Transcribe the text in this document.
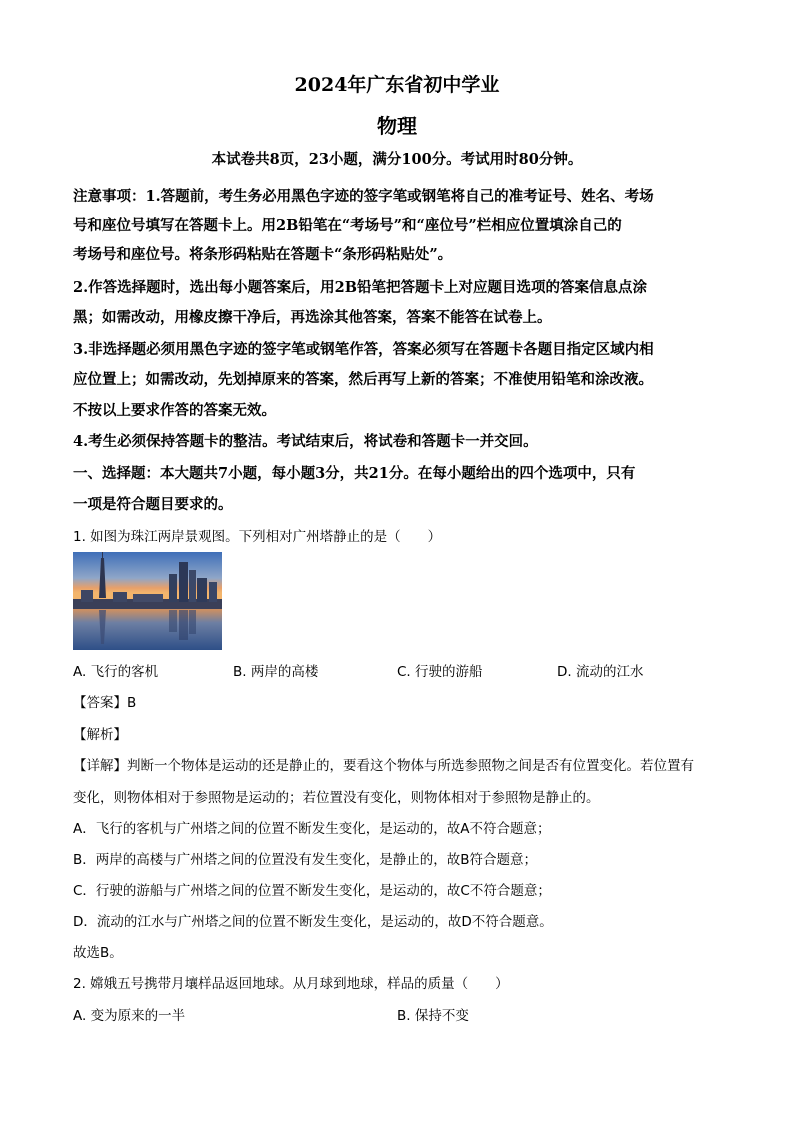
2024年广东省初中学业
物理
本试卷共8页，23小题，满分100分。考试用时80分钟。
注意事项：1.答题前，考生务必用黑色字迹的签字笔或钢笔将自己的准考证号、姓名、考场
号和座位号填写在答题卡上。用2B铅笔在“考场号”和“座位号”栏相应位置填涂自己的
考场号和座位号。将条形码粘贴在答题卡“条形码粘贴处”。
2.作答选择题时，选出每小题答案后，用2B铅笔把答题卡上对应题目选项的答案信息点涂
黑；如需改动，用橡皮擦干净后，再选涂其他答案，答案不能答在试卷上。
3.非选择题必须用黑色字迹的签字笔或钢笔作答，答案必须写在答题卡各题目指定区域内相
应位置上；如需改动，先划掉原来的答案，然后再写上新的答案；不准使用铅笔和涂改液。
不按以上要求作答的答案无效。
4.考生必须保持答题卡的整洁。考试结束后，将试卷和答题卡一并交回。
一、选择题：本大题共7小题，每小题3分，共21分。在每小题给出的四个选项中，只有
一项是符合题目要求的。
1. 如图为珠江两岸景观图。下列相对广州塔静止的是（　　）
A. 飞行的客机	B. 两岸的高楼	C. 行驶的游船	D. 流动的江水
【答案】B
【解析】
【详解】判断一个物体是运动的还是静止的，要看这个物体与所选参照物之间是否有位置变化。若位置有
变化，则物体相对于参照物是运动的；若位置没有变化，则物体相对于参照物是静止的。
A．飞行的客机与广州塔之间的位置不断发生变化，是运动的，故A不符合题意；
B．两岸的高楼与广州塔之间的位置没有发生变化，是静止的，故B符合题意；
C．行驶的游船与广州塔之间的位置不断发生变化，是运动的，故C不符合题意；
D．流动的江水与广州塔之间的位置不断发生变化，是运动的，故D不符合题意。
故选B。
2. 嫦娥五号携带月壤样品返回地球。从月球到地球，样品的质量（　　）
A. 变为原来的一半	B. 保持不变
